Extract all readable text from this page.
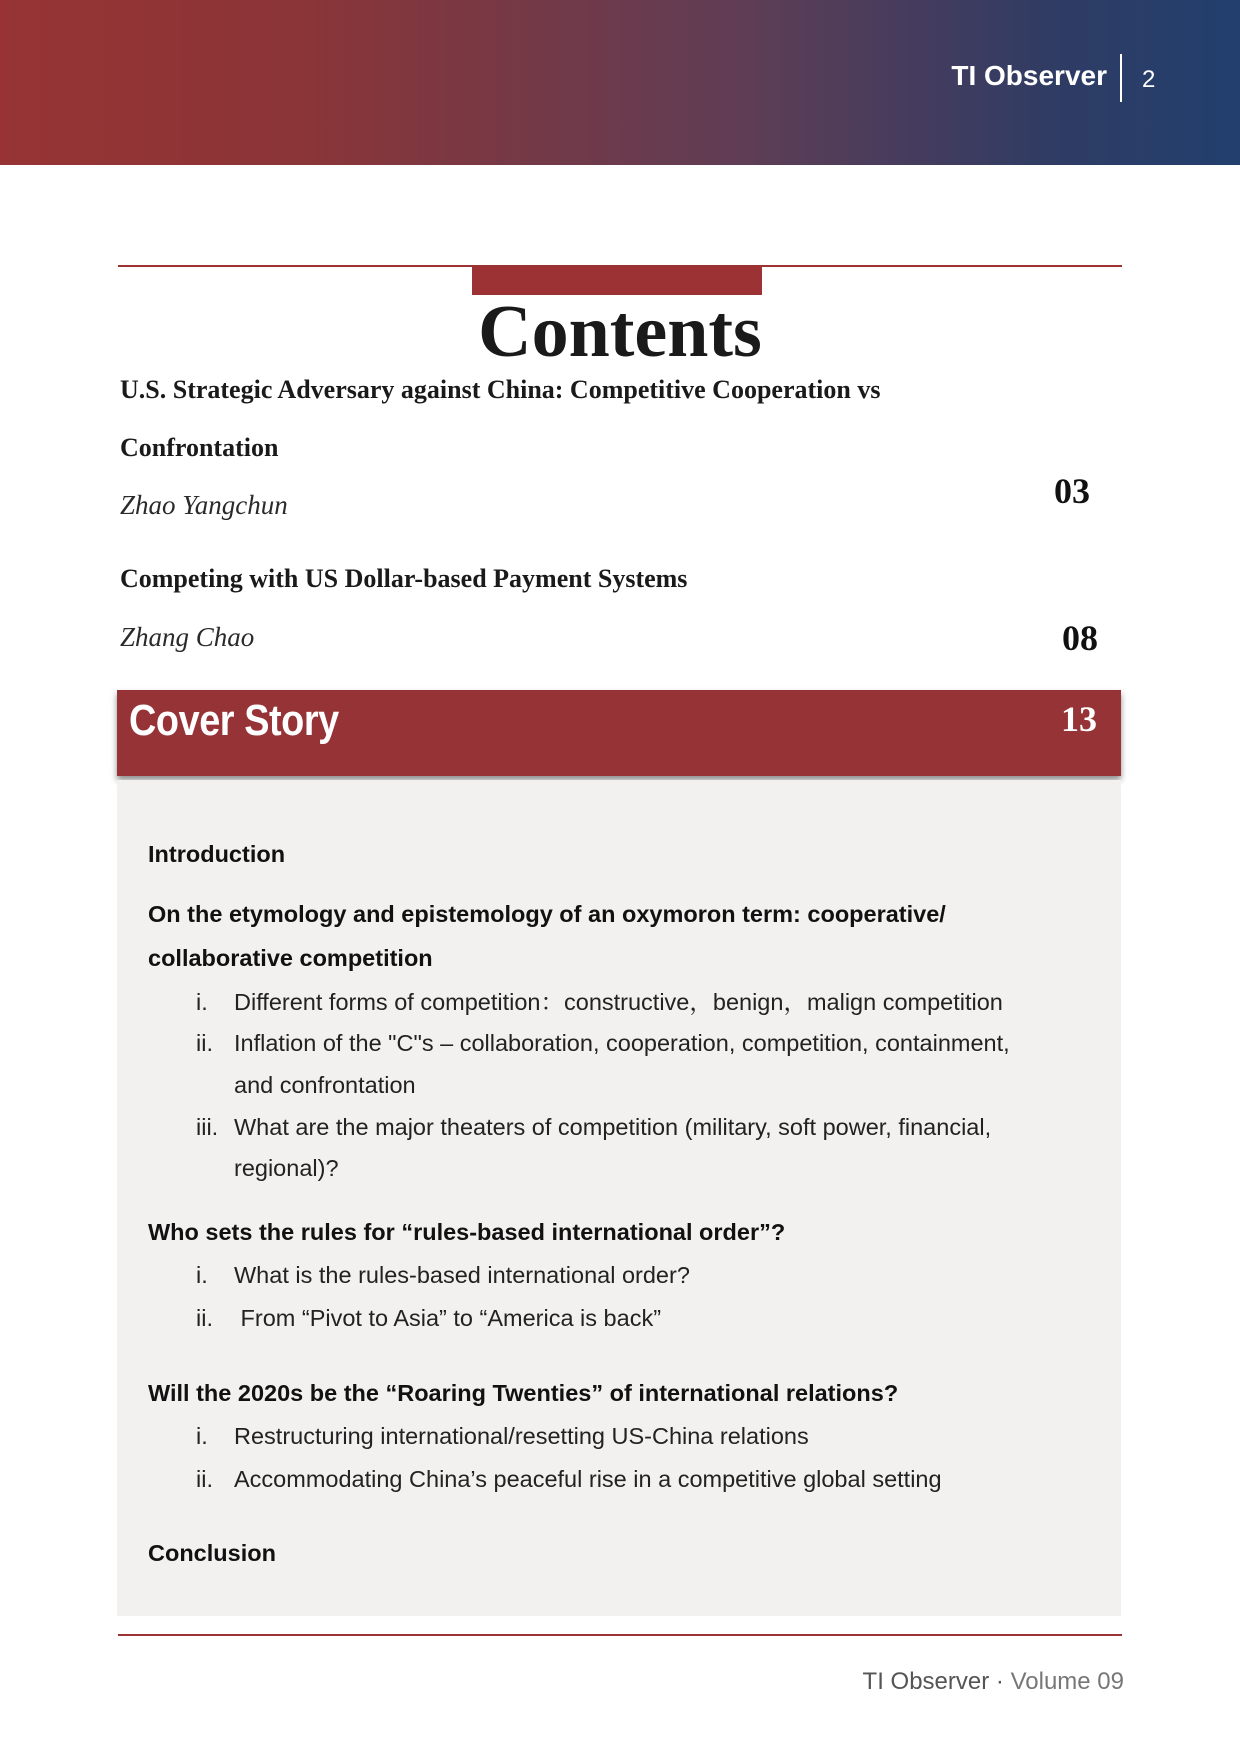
TI Observer 2
Contents
U.S. Strategic Adversary against China: Competitive Cooperation vs
Confrontation
Zhao Yangchun	03
Competing with US Dollar-based Payment Systems
Zhang Chao	08
Cover Story	13
Introduction
On the etymology and epistemology of an oxymoron term: cooperative/
collaborative competition
i. Different forms of competition：constructive，benign，malign competition
ii. Inflation of the "C"s – collaboration, cooperation, competition, containment,
and confrontation
iii. What are the major theaters of competition (military, soft power, financial,
regional)?
Who sets the rules for “rules-based international order”?
i. What is the rules-based international order?
ii. From “Pivot to Asia” to “America is back”
Will the 2020s be the “Roaring Twenties” of international relations?
i. Restructuring international/resetting US-China relations
ii. Accommodating China’s peaceful rise in a competitive global setting
Conclusion
TI Observer · Volume 09
